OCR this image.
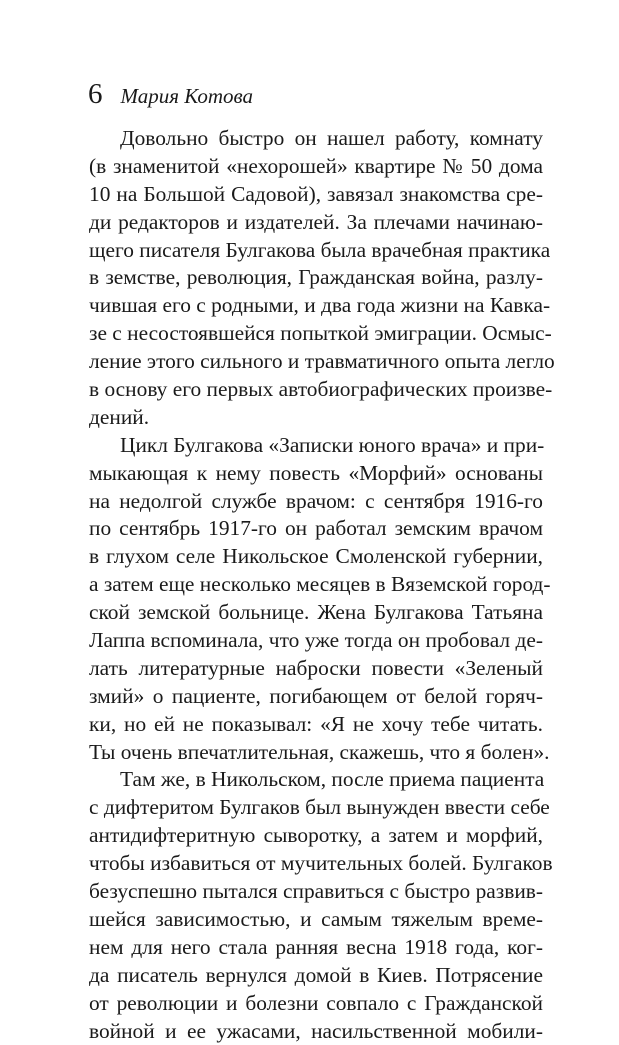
6 Мария Котова
Довольно быстро он нашел работу, комнату
(в знаменитой «нехорошей» квартире № 50 дома
10 на Большой Садовой), завязал знакомства сре-
ди редакторов и издателей. За плечами начинаю-
щего писателя Булгакова была врачебная практика
в земстве, революция, Гражданская война, разлу-
чившая его с родными, и два года жизни на Кавка-
зе с несостоявшейся попыткой эмиграции. Осмыс-
ление этого сильного и травматичного опыта легло
в основу его первых автобиографических произве-
дений.
Цикл Булгакова «Записки юного врача» и при-
мыкающая к нему повесть «Морфий» основаны
на недолгой службе врачом: с сентября 1916-го
по сентябрь 1917-го он работал земским врачом
в глухом селе Никольское Смоленской губернии,
а затем еще несколько месяцев в Вяземской город-
ской земской больнице. Жена Булгакова Татьяна
Лаппа вспоминала, что уже тогда он пробовал де-
лать литературные наброски повести «Зеленый
змий» о пациенте, погибающем от белой горяч-
ки, но ей не показывал: «Я не хочу тебе читать.
Ты очень впечатлительная, скажешь, что я болен».
Там же, в Никольском, после приема пациента
с дифтеритом Булгаков был вынужден ввести себе
антидифтеритную сыворотку, а затем и морфий,
чтобы избавиться от мучительных болей. Булгаков
безуспешно пытался справиться с быстро развив-
шейся зависимостью, и самым тяжелым време-
нем для него стала ранняя весна 1918 года, ког-
да писатель вернулся домой в Киев. Потрясение
от революции и болезни совпало с Гражданской
войной и ее ужасами, насильственной мобили-
